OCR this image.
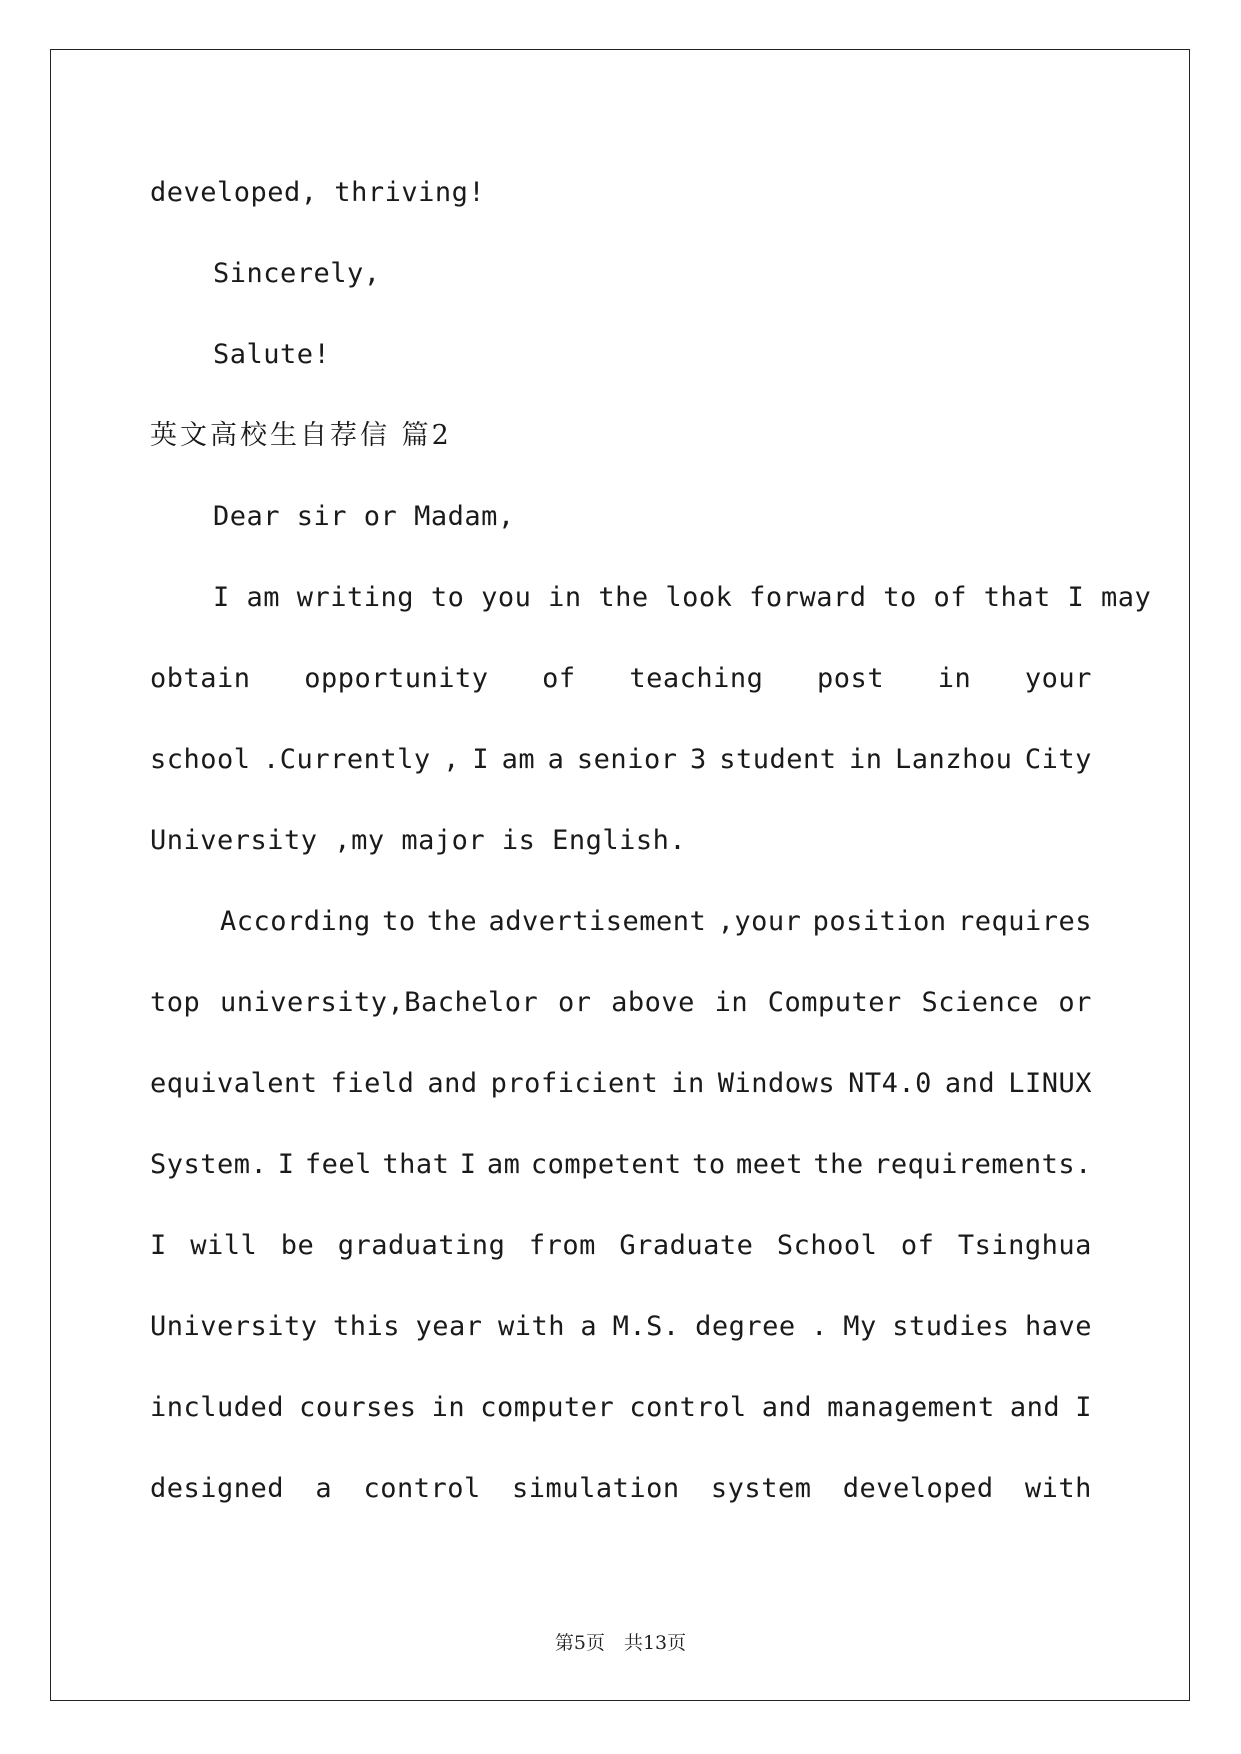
developed, thriving!
Sincerely,
Salute!
英文高校生自荐信 篇2
Dear sir or Madam,
I am writing to you in the look forward to of that I may
obtain opportunity of teaching post in your
school .Currently , I am a senior 3 student in Lanzhou City
University ,my major is English.
According to the advertisement ,your position requires
top university,Bachelor or above in Computer Science or
equivalent field and proficient in Windows NT4.0 and LINUX
System. I feel that I am competent to meet the requirements.
I will be graduating from Graduate School of Tsinghua
University this year with a M.S. degree . My studies have
included courses in computer control and management and I
designed a control simulation system developed with
第5页　共13页
